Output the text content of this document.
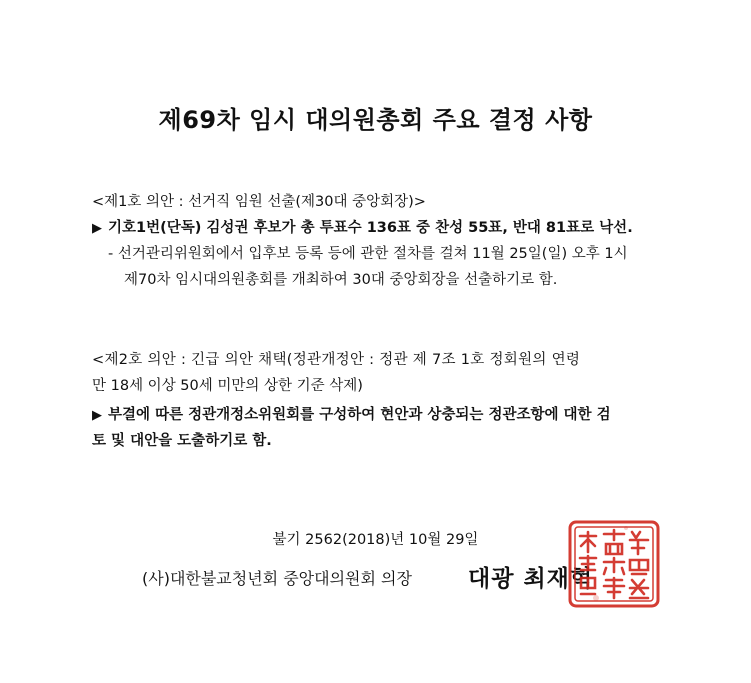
제69차 임시 대의원총회 주요 결정 사항
<제1호 의안 : 선거직 임원 선출(제30대 중앙회장)>
▶ 기호1번(단독) 김성권 후보가 총 투표수 136표 중 찬성 55표, 반대 81표로 낙선.
- 선거관리위원회에서 입후보 등록 등에 관한 절차를 걸쳐 11월 25일(일) 오후 1시
제70차 임시대의원총회를 개최하여 30대 중앙회장을 선출하기로 함.
<제2호 의안 : 긴급 의안 채택(정관개정안 : 정관 제 7조 1호 정회원의 연령
만 18세 이상 50세 미만의 상한 기준 삭제)
▶ 부결에 따른 정관개정소위원회를 구성하여 현안과 상충되는 정관조항에 대한 검
토 및 대안을 도출하기로 함.
불기 2562(2018)년 10월 29일
(사)대한불교청년회 중앙대의원회 의장 대광 최재혁
